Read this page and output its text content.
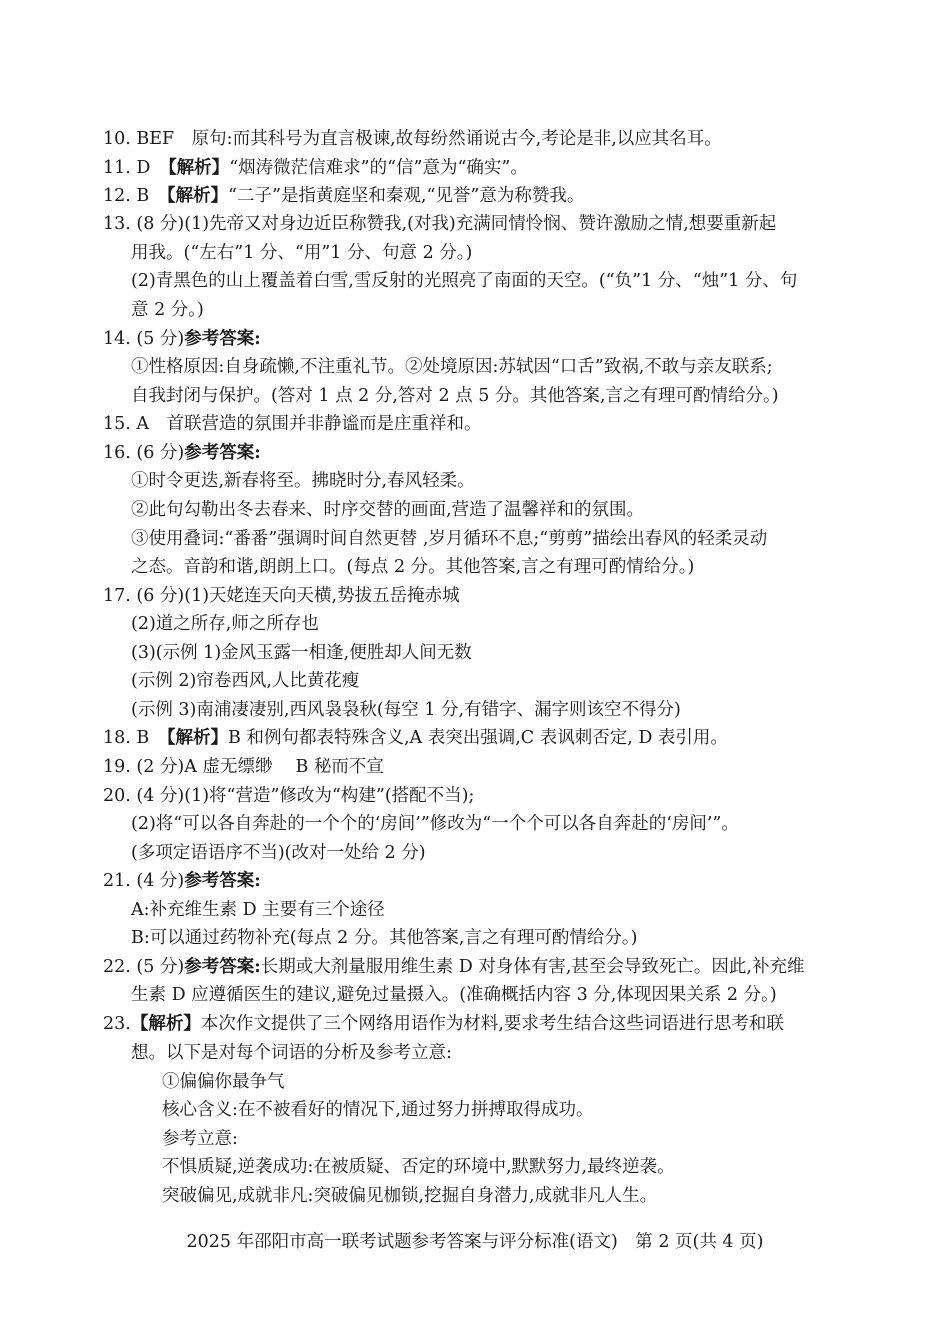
10. BEF　原句:而其科号为直言极谏,故每纷然诵说古今,考论是非,以应其名耳。
11. D　 【解析】“烟涛微茫信难求”的“信”意为“确实”。
12. B　 【解析】“二子”是指黄庭坚和秦观,“见誉”意为称赞我。
13. (8 分)(1)先帝又对身边近臣称赞我,(对我)充满同情怜悯、赞许激励之情,想要重新起
用我。(“左右”1 分、“用”1 分、句意 2 分。)
(2)青黑色的山上覆盖着白雪,雪反射的光照亮了南面的天空。(“负”1 分、“烛”1 分、句
意 2 分。)
14. (5 分)参考答案:
①性格原因:自身疏懒,不注重礼节。②处境原因:苏轼因“口舌”致祸,不敢与亲友联系;
自我封闭与保护。(答对 1 点 2 分,答对 2 点 5 分。其他答案,言之有理可酌情给分。)
15. A　首联营造的氛围并非静谧而是庄重祥和。
16. (6 分)参考答案:
①时令更迭,新春将至。拂晓时分,春风轻柔。
②此句勾勒出冬去春来、时序交替的画面,营造了温馨祥和的氛围。
③使用叠词:“番番”强调时间自然更替 ,岁月循环不息;“剪剪”描绘出春风的轻柔灵动
之态。音韵和谐,朗朗上口。(每点 2 分。其他答案,言之有理可酌情给分。)
17. (6 分)(1)天姥连天向天横,势拔五岳掩赤城
(2)道之所存,师之所存也
(3)(示例 1)金风玉露一相逢,便胜却人间无数
(示例 2)帘卷西风,人比黄花瘦
(示例 3)南浦凄凄别,西风袅袅秋(每空 1 分,有错字、漏字则该空不得分)
18. B　 【解析】B 和例句都表特殊含义,A 表突出强调,C 表讽刺否定, D 表引用。
19. (2 分)A 虚无缥缈　 B 秘而不宣
20. (4 分)(1)将“营造”修改为“构建”(搭配不当);
(2)将“可以各自奔赴的一个个的‘房间’”修改为“一个个可以各自奔赴的‘房间’”。
(多项定语语序不当)(改对一处给 2 分)
21. (4 分)参考答案:
A:补充维生素 D 主要有三个途径
B:可以通过药物补充(每点 2 分。其他答案,言之有理可酌情给分。)
22. (5 分)参考答案:长期或大剂量服用维生素 D 对身体有害,甚至会导致死亡。因此,补充维
生素 D 应遵循医生的建议,避免过量摄入。(准确概括内容 3 分,体现因果关系 2 分。)
23.【解析】本次作文提供了三个网络用语作为材料,要求考生结合这些词语进行思考和联
想。以下是对每个词语的分析及参考立意:
①偏偏你最争气
核心含义:在不被看好的情况下,通过努力拼搏取得成功。
参考立意:
不惧质疑,逆袭成功:在被质疑、否定的环境中,默默努力,最终逆袭。
突破偏见,成就非凡:突破偏见枷锁,挖掘自身潜力,成就非凡人生。
2025 年邵阳市高一联考试题参考答案与评分标准(语文)　第 2 页(共 4 页)
